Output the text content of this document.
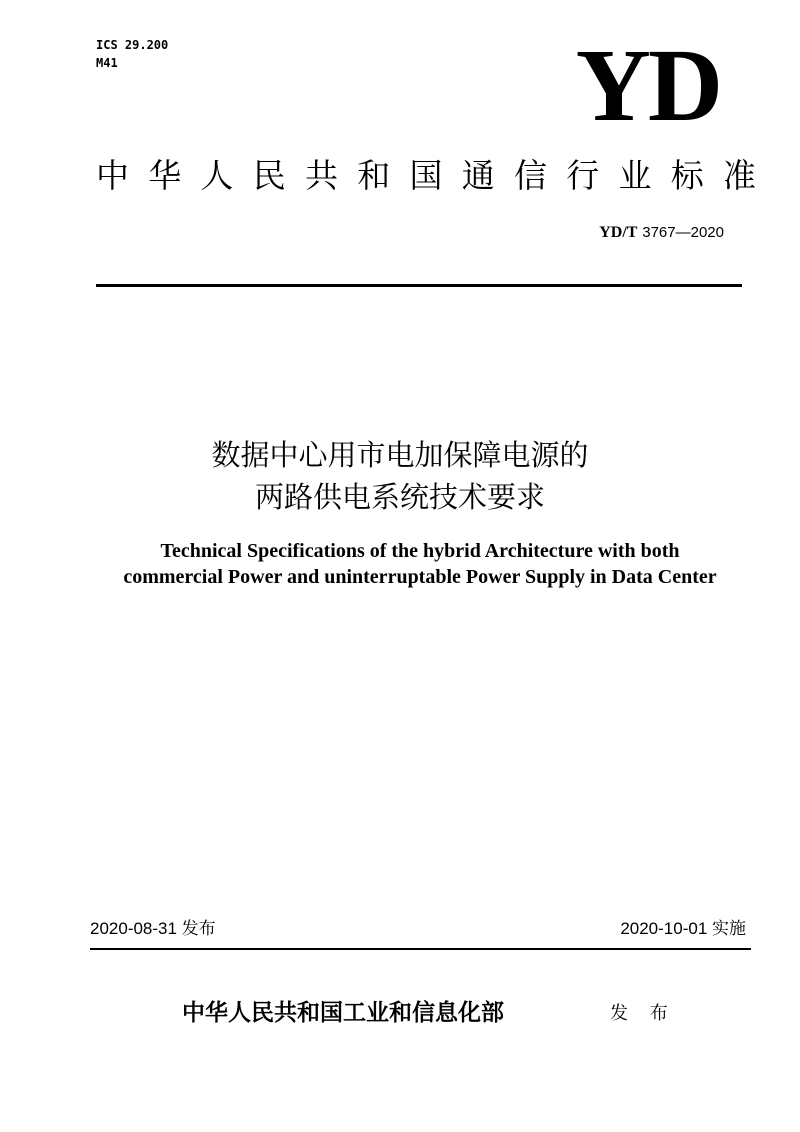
ICS 29.200
M41	YD
中 华 人 民 共 和 国 通 信 行 业 标 准
YD/T 3767—2020
数据中心用市电加保障电源的
两路供电系统技术要求
Technical Specifications of the hybrid Architecture with both
commercial Power and uninterruptable Power Supply in Data Center
2020-08-31 发布	2020-10-01 实施
中华人民共和国工业和信息化部	发 布
